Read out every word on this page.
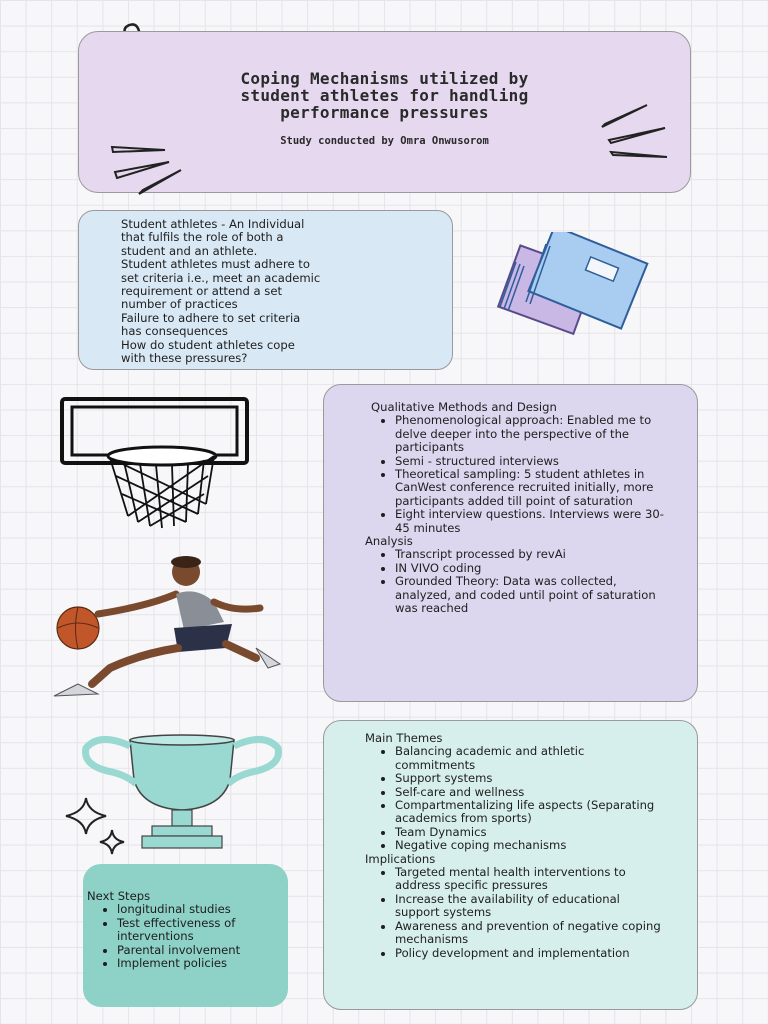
Coping Mechanisms utilized by
student athletes for handling
performance pressures
Study conducted by Omra Onwusorom
Student athletes - An Individual
that fulfils the role of both a
student and an athlete.
Student athletes must adhere to
set criteria i.e., meet an academic
requirement or attend a set
number of practices
Failure to adhere to set criteria
has consequences
How do student athletes cope
with these pressures?
Qualitative Methods and Design
• Phenomenological approach: Enabled me to delve deeper into the perspective of the participants
• Semi - structured interviews
• Theoretical sampling: 5 student athletes in CanWest conference recruited initially, more participants added till point of saturation
• Eight interview questions. Interviews were 30-45 minutes
Analysis
• Transcript processed by revAi
• IN VIVO coding
• Grounded Theory: Data was collected, analyzed, and coded until point of saturation was reached
Next Steps
• longitudinal studies
• Test effectiveness of interventions
• Parental involvement
• Implement policies
Main Themes
• Balancing academic and athletic commitments
• Support systems
• Self-care and wellness
• Compartmentalizing life aspects (Separating academics from sports)
• Team Dynamics
• Negative coping mechanisms
Implications
• Targeted mental health interventions to address specific pressures
• Increase the availability of educational support systems
• Awareness and prevention of negative coping mechanisms
• Policy development and implementation
